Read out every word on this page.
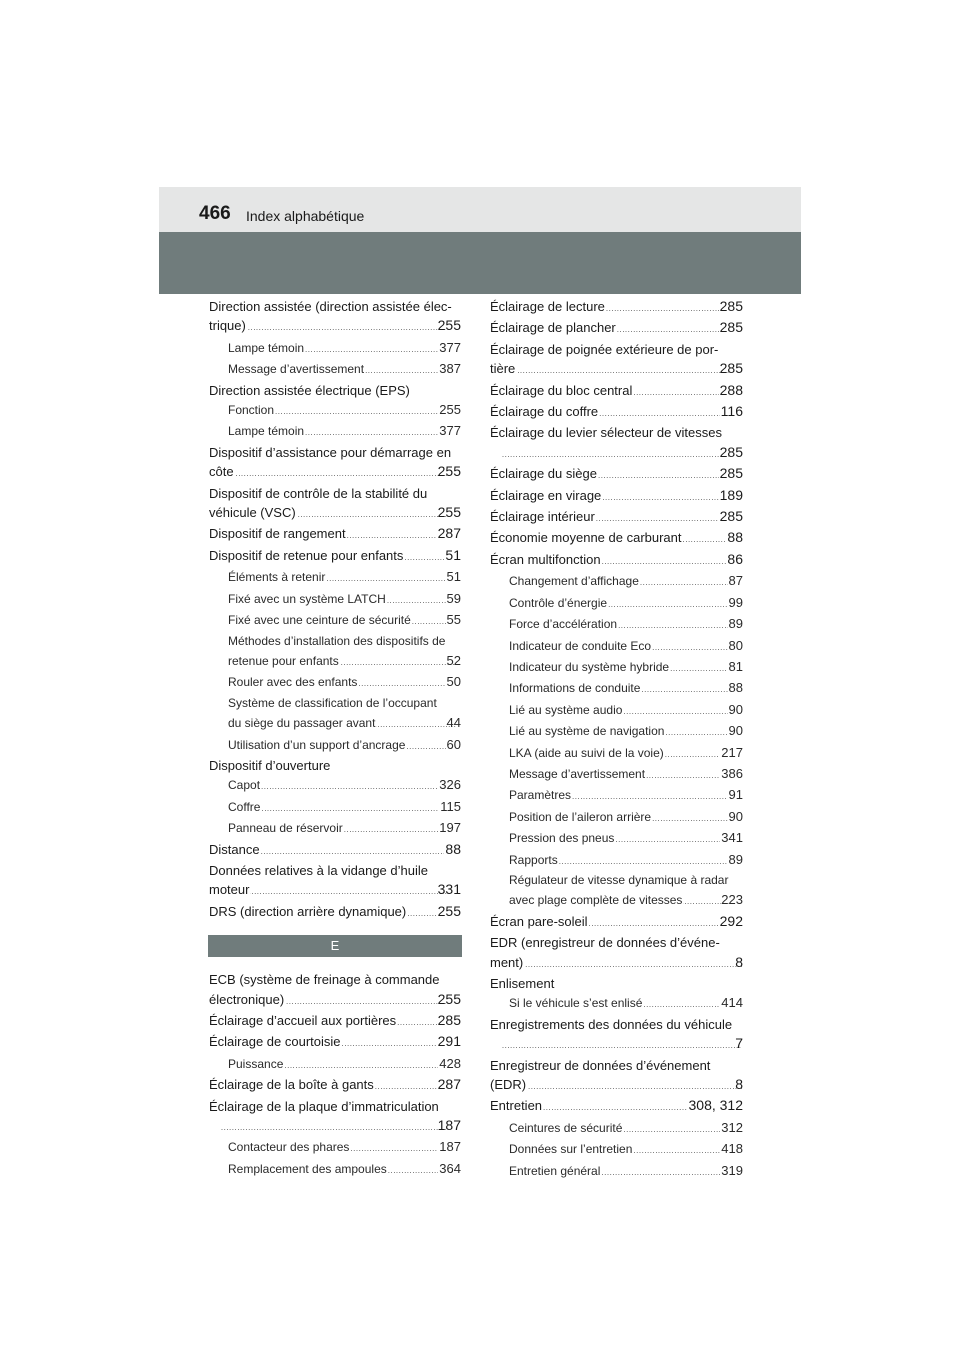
466 Index alphabétique
Direction assistée (direction assistée élec-
trique) .....	255
Lampe témoin .....	377
Message d’avertissement .....	387
Direction assistée électrique (EPS)
Fonction .....	255
Lampe témoin .....	377
Dispositif d’assistance pour démarrage en
côte .....	255
Dispositif de contrôle de la stabilité du
véhicule (VSC) .....	255
Dispositif de rangement .....	287
Dispositif de retenue pour enfants .....	51
Éléments à retenir .....	51
Fixé avec un système LATCH .....	59
Fixé avec une ceinture de sécurité .....	55
Méthodes d’installation des dispositifs de
retenue pour enfants .....	52
Rouler avec des enfants .....	50
Système de classification de l’occupant
du siège du passager avant .....	44
Utilisation d’un support d’ancrage .....	60
Dispositif d’ouverture
Capot .....	326
Coffre .....	115
Panneau de réservoir .....	197
Distance .....	88
Données relatives à la vidange d’huile
moteur .....	331
DRS (direction arrière dynamique) ..... 255
E
ECB (système de freinage à commande
électronique) .....	255
Éclairage d’accueil aux portières .....	285
Éclairage de courtoisie .....	291
Puissance .....	428
Éclairage de la boîte à gants .....	287
Éclairage de la plaque d’immatriculation
.....
187
Contacteur des phares .....	187
Remplacement des ampoules .....	364
Éclairage de lecture .....	285
Éclairage de plancher .....	285
Éclairage de poignée extérieure de por-
tière .....	285
Éclairage du bloc central .....	288
Éclairage du coffre .....	116
Éclairage du levier sélecteur de vitesses
.....
285
Éclairage du siège .....	285
Éclairage en virage .....	189
Éclairage intérieur .....	285
Économie moyenne de carburant .....	88
Écran multifonction .....	86
Changement d’affichage .....	87
Contrôle d’énergie .....	99
Force d’accélération .....	89
Indicateur de conduite Eco .....	80
Indicateur du système hybride .....	81
Informations de conduite .....	88
Lié au système audio .....	90
Lié au système de navigation .....	90
LKA (aide au suivi de la voie) .....	217
Message d’avertissement .....	386
Paramètres .....	91
Position de l’aileron arrière .....	90
Pression des pneus .....	341
Rapports .....	89
Régulateur de vitesse dynamique à radar
avec plage complète de vitesses .....	223
Écran pare-soleil .....	292
EDR (enregistreur de données d’événe-
ment) .....	8
Enlisement
Si le véhicule s’est enlisé .....	414
Enregistrements des données du véhicule
.....
7
Enregistreur de données d’événement
(EDR) .....	8
Entretien .....	308, 312
Ceintures de sécurité .....	312
Données sur l’entretien .....	418
Entretien général .....	319
